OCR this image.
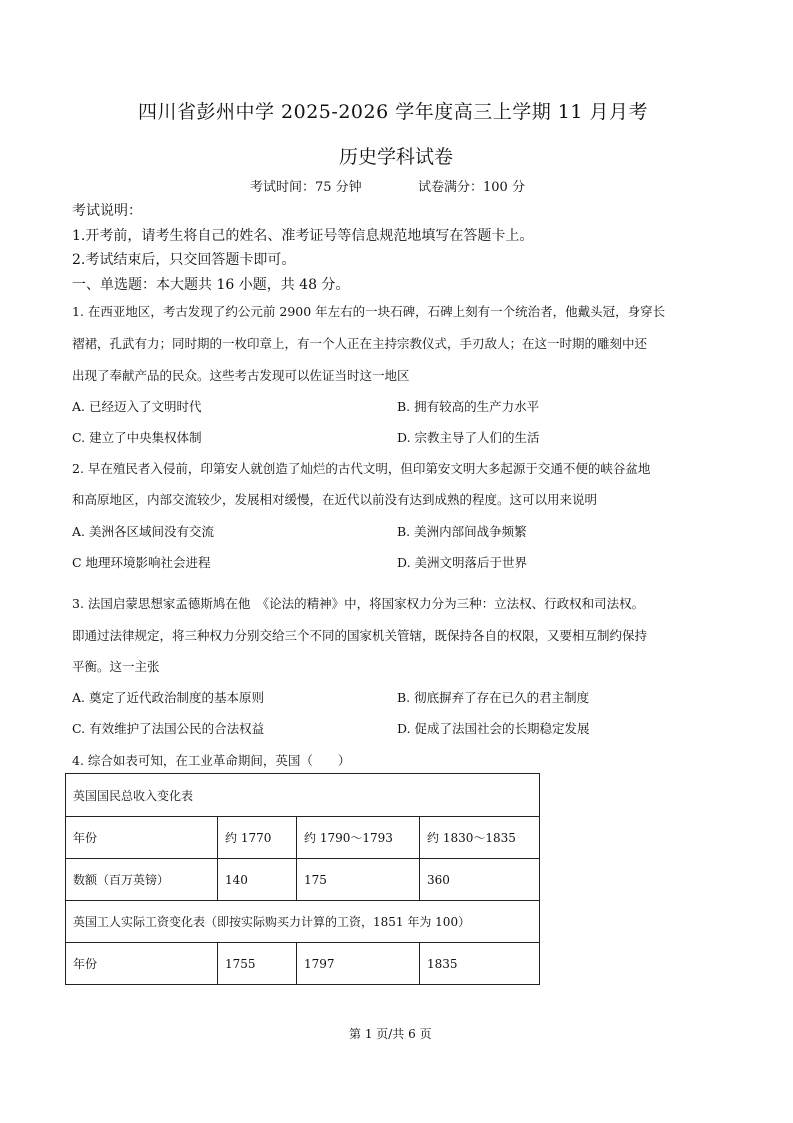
四川省彭州中学 2025-2026 学年度高三上学期 11 月月考
历史学科试卷
考试时间：75 分钟	试卷满分：100 分
考试说明：
1.开考前，请考生将自己的姓名、准考证号等信息规范地填写在答题卡上。
2.考试结束后，只交回答题卡即可。
一、单选题：本大题共 16 小题，共 48 分。
1. 在西亚地区，考古发现了约公元前 2900 年左右的一块石碑，石碑上刻有一个统治者，他戴头冠，身穿长
褶裙，孔武有力；同时期的一枚印章上，有一个人正在主持宗教仪式，手刃敌人；在这一时期的雕刻中还
出现了奉献产品的民众。这些考古发现可以佐证当时这一地区
A. 已经迈入了文明时代	B. 拥有较高的生产力水平
C. 建立了中央集权体制	D. 宗教主导了人们的生活
2. 早在殖民者入侵前，印第安人就创造了灿烂的古代文明，但印第安文明大多起源于交通不便的峡谷盆地
和高原地区，内部交流较少，发展相对缓慢，在近代以前没有达到成熟的程度。这可以用来说明
A. 美洲各区域间没有交流	B. 美洲内部间战争频繁
C 地理环境影响社会进程	D. 美洲文明落后于世界
3. 法国启蒙思想家孟德斯鸠在他　《论法的精神》中，将国家权力分为三种：立法权、行政权和司法权。
即通过法律规定，将三种权力分别交给三个不同的国家机关管辖，既保持各自的权限，又要相互制约保持
平衡。这一主张
A. 奠定了近代政治制度的基本原则	B. 彻底摒弃了存在已久的君主制度
C. 有效维护了法国公民的合法权益	D. 促成了法国社会的长期稳定发展
4. 综合如表可知，在工业革命期间，英国（　　）
英国国民总收入变化表			
年份	约 1770	约 1790～1793	约 1830～1835
数额（百万英镑）	140	175	360
英国工人实际工资变化表（即按实际购买力计算的工资，1851 年为 100）			
年份	1755	1797	1835
第 1 页/共 6 页
